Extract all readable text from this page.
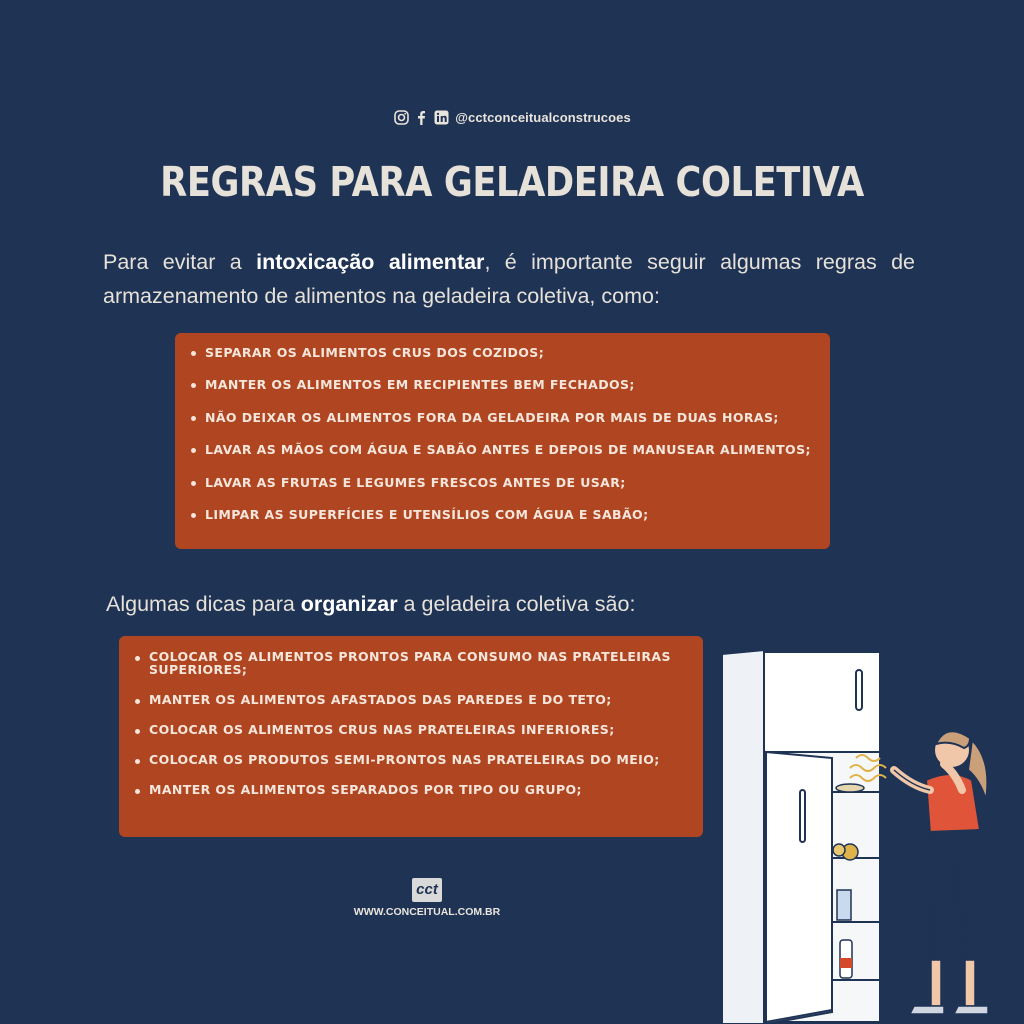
@cctconceitualconstrucoes
REGRAS PARA GELADEIRA COLETIVA
Para evitar a intoxicação alimentar, é importante seguir algumas regras de armazenamento de alimentos na geladeira coletiva, como:
SEPARAR OS ALIMENTOS CRUS DOS COZIDOS;
MANTER OS ALIMENTOS EM RECIPIENTES BEM FECHADOS;
NÃO DEIXAR OS ALIMENTOS FORA DA GELADEIRA POR MAIS DE DUAS HORAS;
LAVAR AS MÃOS COM ÁGUA E SABÃO ANTES E DEPOIS DE MANUSEAR ALIMENTOS;
LAVAR AS FRUTAS E LEGUMES FRESCOS ANTES DE USAR;
LIMPAR AS SUPERFÍCIES E UTENSÍLIOS COM ÁGUA E SABÃO;
Algumas dicas para organizar a geladeira coletiva são:
COLOCAR OS ALIMENTOS PRONTOS PARA CONSUMO NAS PRATELEIRAS SUPERIORES;
MANTER OS ALIMENTOS AFASTADOS DAS PAREDES E DO TETO;
COLOCAR OS ALIMENTOS CRUS NAS PRATELEIRAS INFERIORES;
COLOCAR OS PRODUTOS SEMI-PRONTOS NAS PRATELEIRAS DO MEIO;
MANTER OS ALIMENTOS SEPARADOS POR TIPO OU GRUPO;
cct
WWW.CONCEITUAL.COM.BR
